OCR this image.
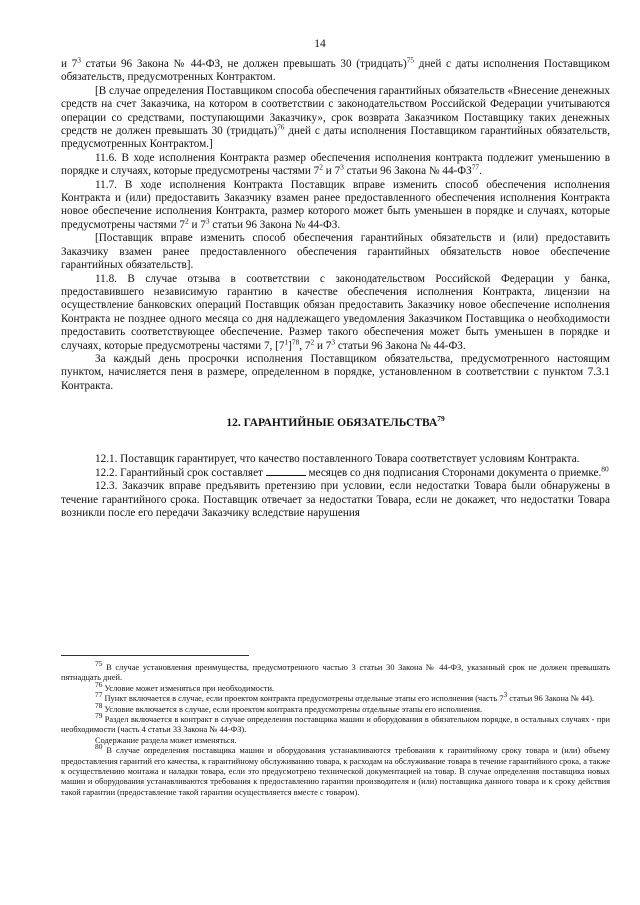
14

и $7^3$ статьи 96 Закона № 44-ФЗ, не должен превышать 30 (тридцать)$^{75}$ дней с даты исполнения Поставщиком обязательств, предусмотренных Контрактом.

[В случае определения Поставщиком способа обеспечения гарантийных обязательств «Внесение денежных средств на счет Заказчика, на котором в соответствии с законодательством Российской Федерации учитываются операции со средствами, поступающими Заказчику», срок возврата Заказчиком Поставщику таких денежных средств не должен превышать 30 (тридцать)$^{76}$ дней с даты исполнения Поставщиком гарантийных обязательств, предусмотренных Контрактом.]

11.6. В ходе исполнения Контракта размер обеспечения исполнения контракта подлежит уменьшению в порядке и случаях, которые предусмотрены частями $7^2$ и $7^3$ статьи 96 Закона № 44-ФЗ$^{77}$.

11.7. В ходе исполнения Контракта Поставщик вправе изменить способ обеспечения исполнения Контракта и (или) предоставить Заказчику взамен ранее предоставленного обеспечения исполнения Контракта новое обеспечение исполнения Контракта, размер которого может быть уменьшен в порядке и случаях, которые предусмотрены частями $7^2$ и $7^3$ статьи 96 Закона № 44-ФЗ.

[Поставщик вправе изменить способ обеспечения гарантийных обязательств и (или) предоставить Заказчику взамен ранее предоставленного обеспечения гарантийных обязательств новое обеспечение гарантийных обязательств].

11.8. В случае отзыва в соответствии с законодательством Российской Федерации у банка, предоставившего независимую гарантию в качестве обеспечения исполнения Контракта, лицензии на осуществление банковских операций Поставщик обязан предоставить Заказчику новое обеспечение исполнения Контракта не позднее одного месяца со дня надлежащего уведомления Заказчиком Поставщика о необходимости предоставить соответствующее обеспечение. Размер такого обеспечения может быть уменьшен в порядке и случаях, которые предусмотрены частями 7, $[7^1]^{78}$, $7^2$ и $7^3$ статьи 96 Закона № 44-ФЗ.

За каждый день просрочки исполнения Поставщиком обязательства, предусмотренного настоящим пунктом, начисляется пеня в размере, определенном в порядке, установленном в соответствии с пунктом 7.3.1 Контракта.

12. ГАРАНТИЙНЫЕ ОБЯЗАТЕЛЬСТВА$^{79}$

12.1. Поставщик гарантирует, что качество поставленного Товара соответствует условиям Контракта.

12.2. Гарантийный срок составляет	месяцев со дня подписания Сторонами документа о приемке.$^{80}$

12.3. Заказчик вправе предъявить претензию при условии, если недостатки Товара были обнаружены в течение гарантийного срока. Поставщик отвечает за недостатки Товара, если не докажет, что недостатки Товара возникли после его передачи Заказчику вследствие нарушения

75 В случае установления преимущества, предусмотренного частью 3 статьи 30 Закона № 44-ФЗ, указанный срок не должен превышать пятнадцать дней.

76 Условие может изменяться при необходимости.

77 Пункт включается в случае, если проектом контракта предусмотрены отдельные этапы его исполнения (часть 73 статьи 96 Закона № 44).

78 Условие включается в случае, если проектом контракта предусмотрены отдельные этапы его исполнения.

79 Раздел включается в контракт в случае определения поставщика машин и оборудования в обязательном порядке, в остальных случаях - при необходимости (часть 4 статьи 33 Закона № 44-ФЗ).

Содержание раздела может изменяться.

80 В случае определения поставщика машин и оборудования устанавливаются требования к гарантийному сроку товара и (или) объему предоставления гарантий его качества, к гарантийному обслуживанию товара, к расходам на обслуживание товара в течение гарантийного срока, а также к осуществлению монтажа и наладки товара, если это предусмотрено технической документацией на товар. В случае определения поставщика новых машин и оборудования устанавливаются требования к предоставлению гарантии производителя и (или) поставщика данного товара и к сроку действия такой гарантии (предоставление такой гарантии осуществляется вместе с товаром).
